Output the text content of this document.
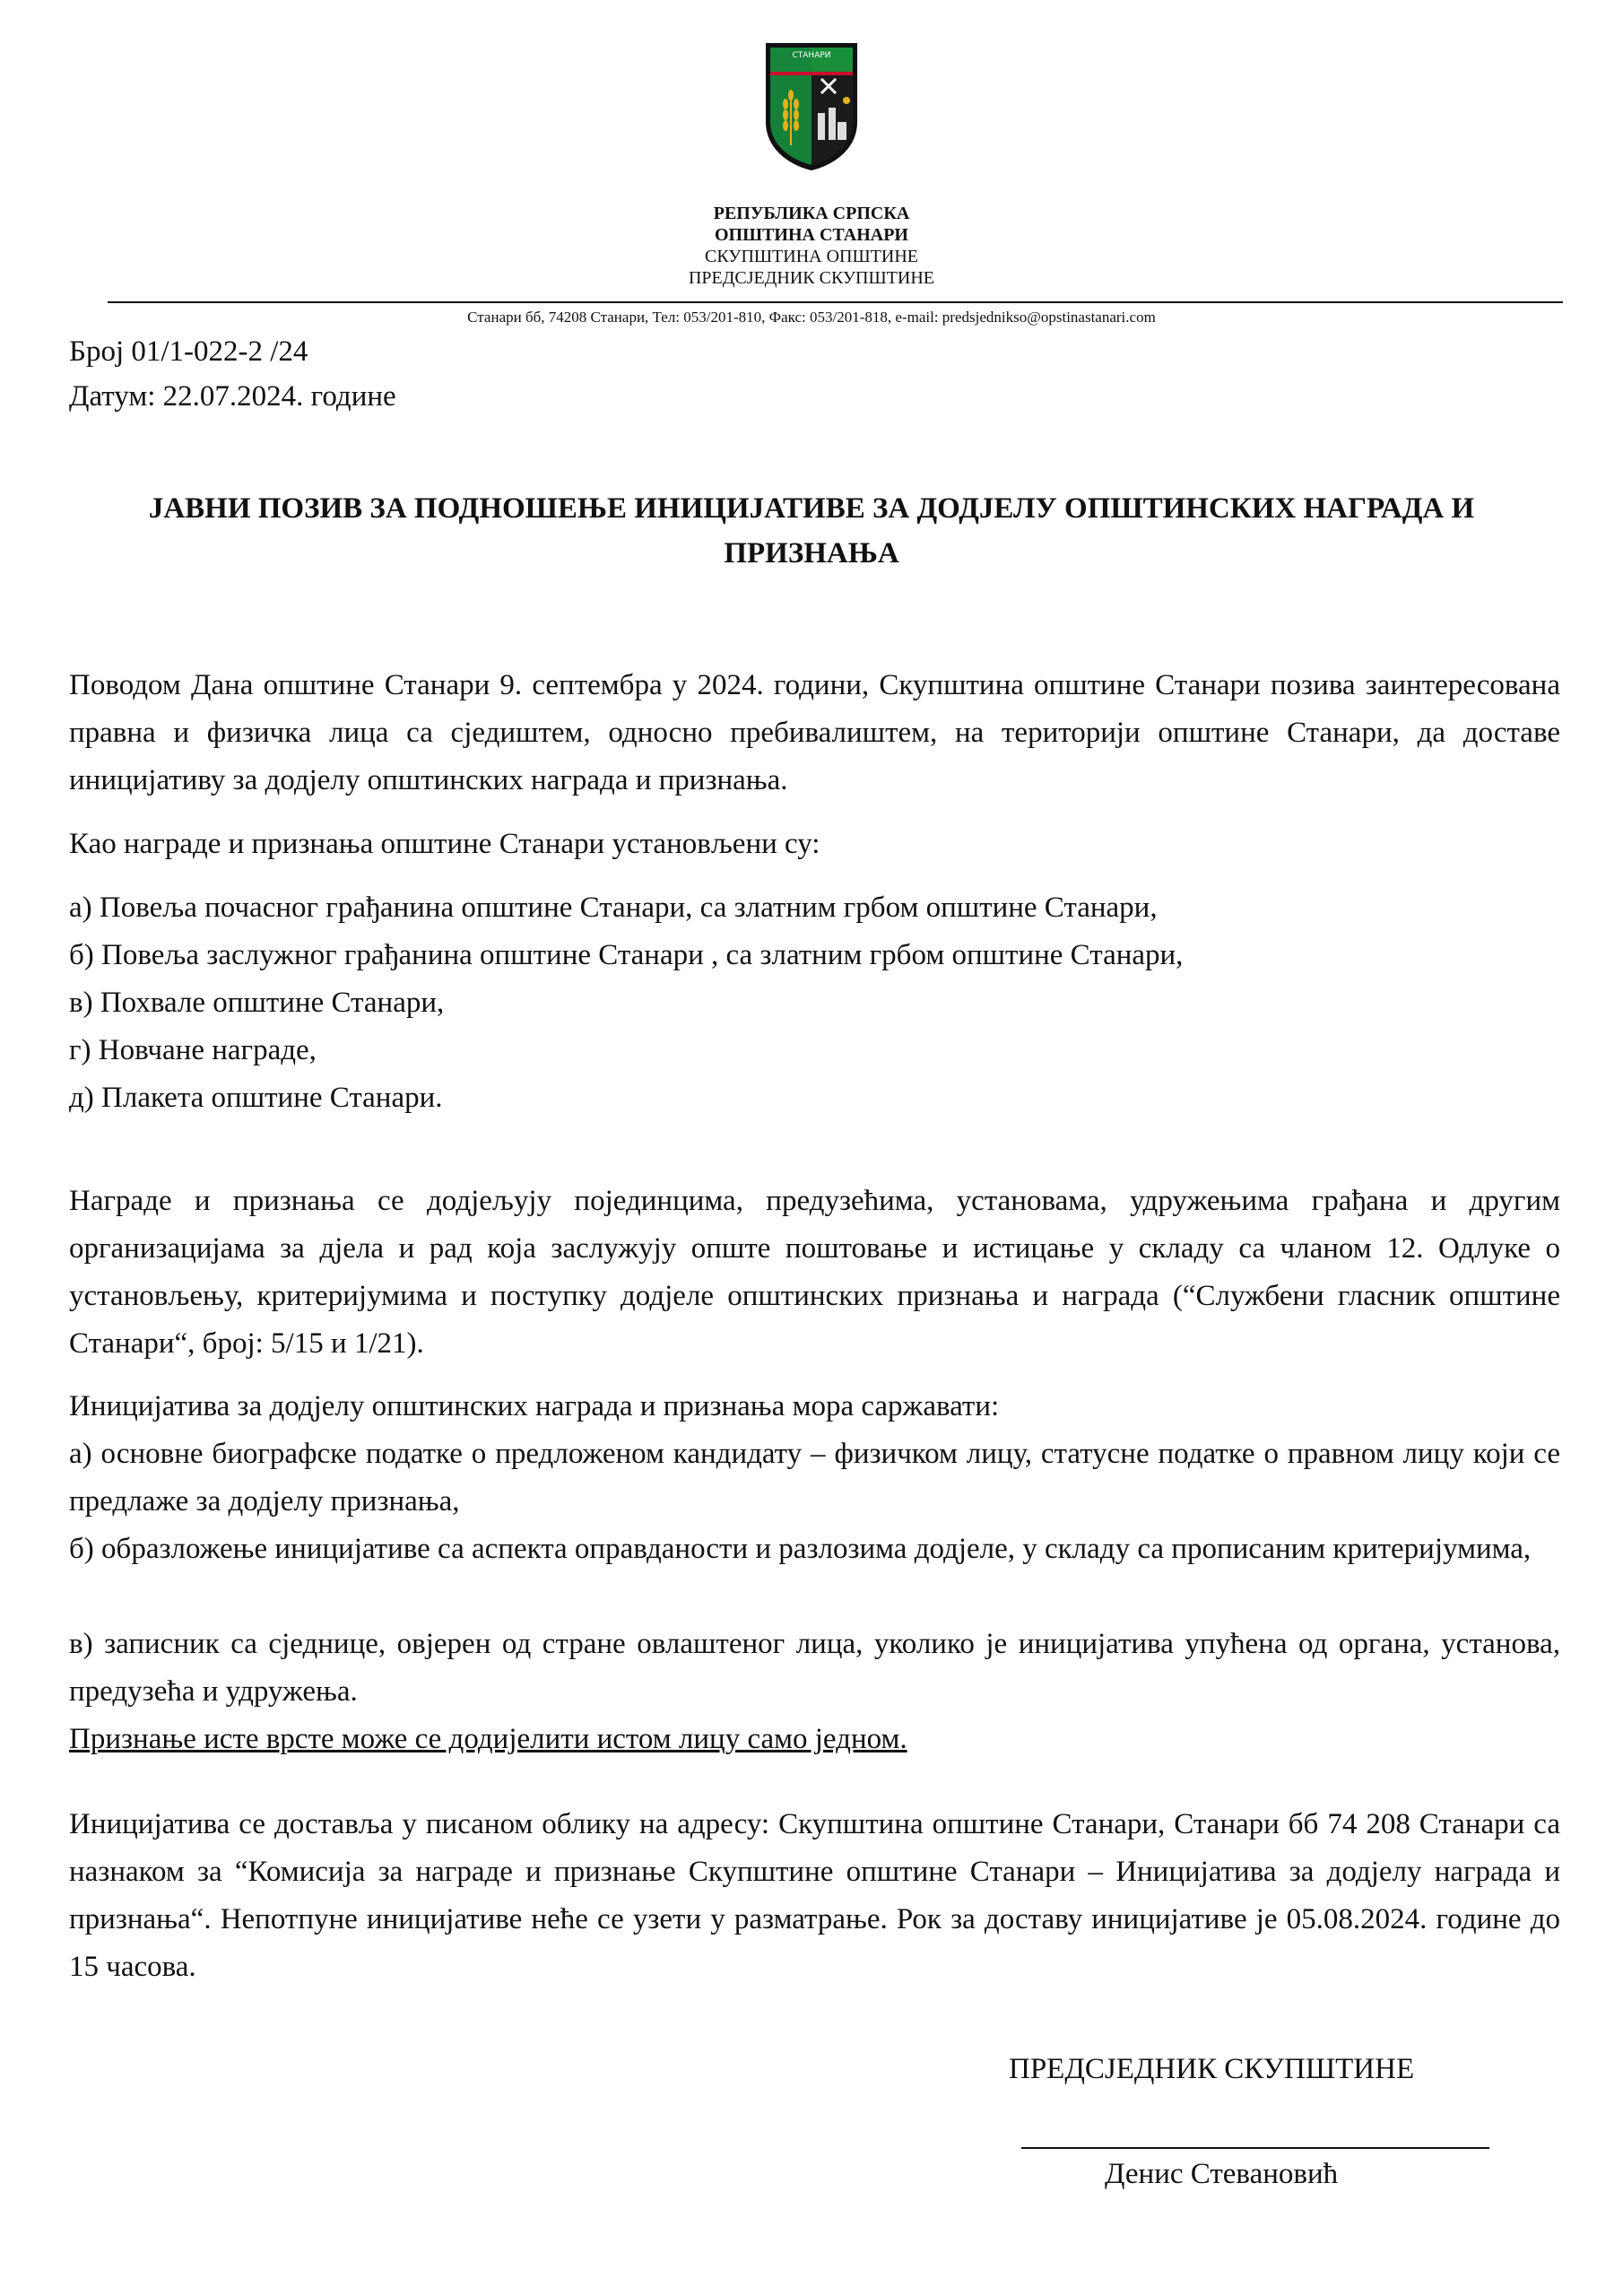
СТАНАРИ
РЕПУБЛИКА СРПСКА
ОПШТИНА СТАНАРИ
СКУПШТИНА ОПШТИНЕ
ПРЕДСЈЕДНИК СКУПШТИНЕ
Станари бб, 74208 Станари, Тел: 053/201-810, Факс: 053/201-818, e-mail: predsjednikso@opstinastanari.com
Број 01/1-022-2 /24
Датум: 22.07.2024. године
ЈАВНИ ПОЗИВ ЗА ПОДНОШЕЊЕ ИНИЦИЈАТИВЕ ЗА ДОДЈЕЛУ ОПШТИНСКИХ НАГРАДА И ПРИЗНАЊА
Поводом Дана општине Станари 9. септембра у 2024. години, Скупштина општине Станари позива заинтересована правна и физичка лица са сједиштем, односно пребивалиштем, на територији општине Станари, да доставе иницијативу за додјелу општинских награда и признања.
Као награде и признања општине Станари установљени су:
а) Повеља почасног грађанина општине Станари, са златним грбом општине Станари,
б) Повеља заслужног грађанина општине Станари , са златним грбом општине Станари,
в) Похвале општине Станари,
г) Новчане награде,
д) Плакета општине Станари.
Награде и признања се додјељују појединцима, предузећима, установама, удружењима грађана и другим организацијама за дјела и рад која заслужују опште поштовање и истицање у складу са чланом 12. Одлуке о установљењу, критеријумима и поступку додјеле општинских признања и награда (“Службени гласник општине Станари“, број: 5/15 и 1/21).
Иницијатива за додјелу општинских награда и признања мора саржавати:
а) основне биографске податке о предложеном кандидату – физичком лицу, статусне податке о правном лицу који се предлаже за додјелу признања,
б) образложење иницијативе са аспекта оправданости и разлозима додјеле, у складу са прописаним критеријумима,
в) записник са сједнице, овјерен од стране овлаштеног лица, уколико је иницијатива упућена од органа, установа, предузећа и удружења.
Признање исте врсте може се додијелити истом лицу само једном.
Иницијатива се доставља у писаном облику на адресу: Скупштина општине Станари, Станари бб 74 208 Станари са назнаком за “Комисија за награде и признање Скупштине општине Станари – Иницијатива за додјелу награда и признања“. Непотпуне иницијативе неће се узети у разматрање. Рок за доставу иницијативе је 05.08.2024. године до 15 часова.
ПРЕДСЈЕДНИК СКУПШТИНЕ
Денис Стевановић
